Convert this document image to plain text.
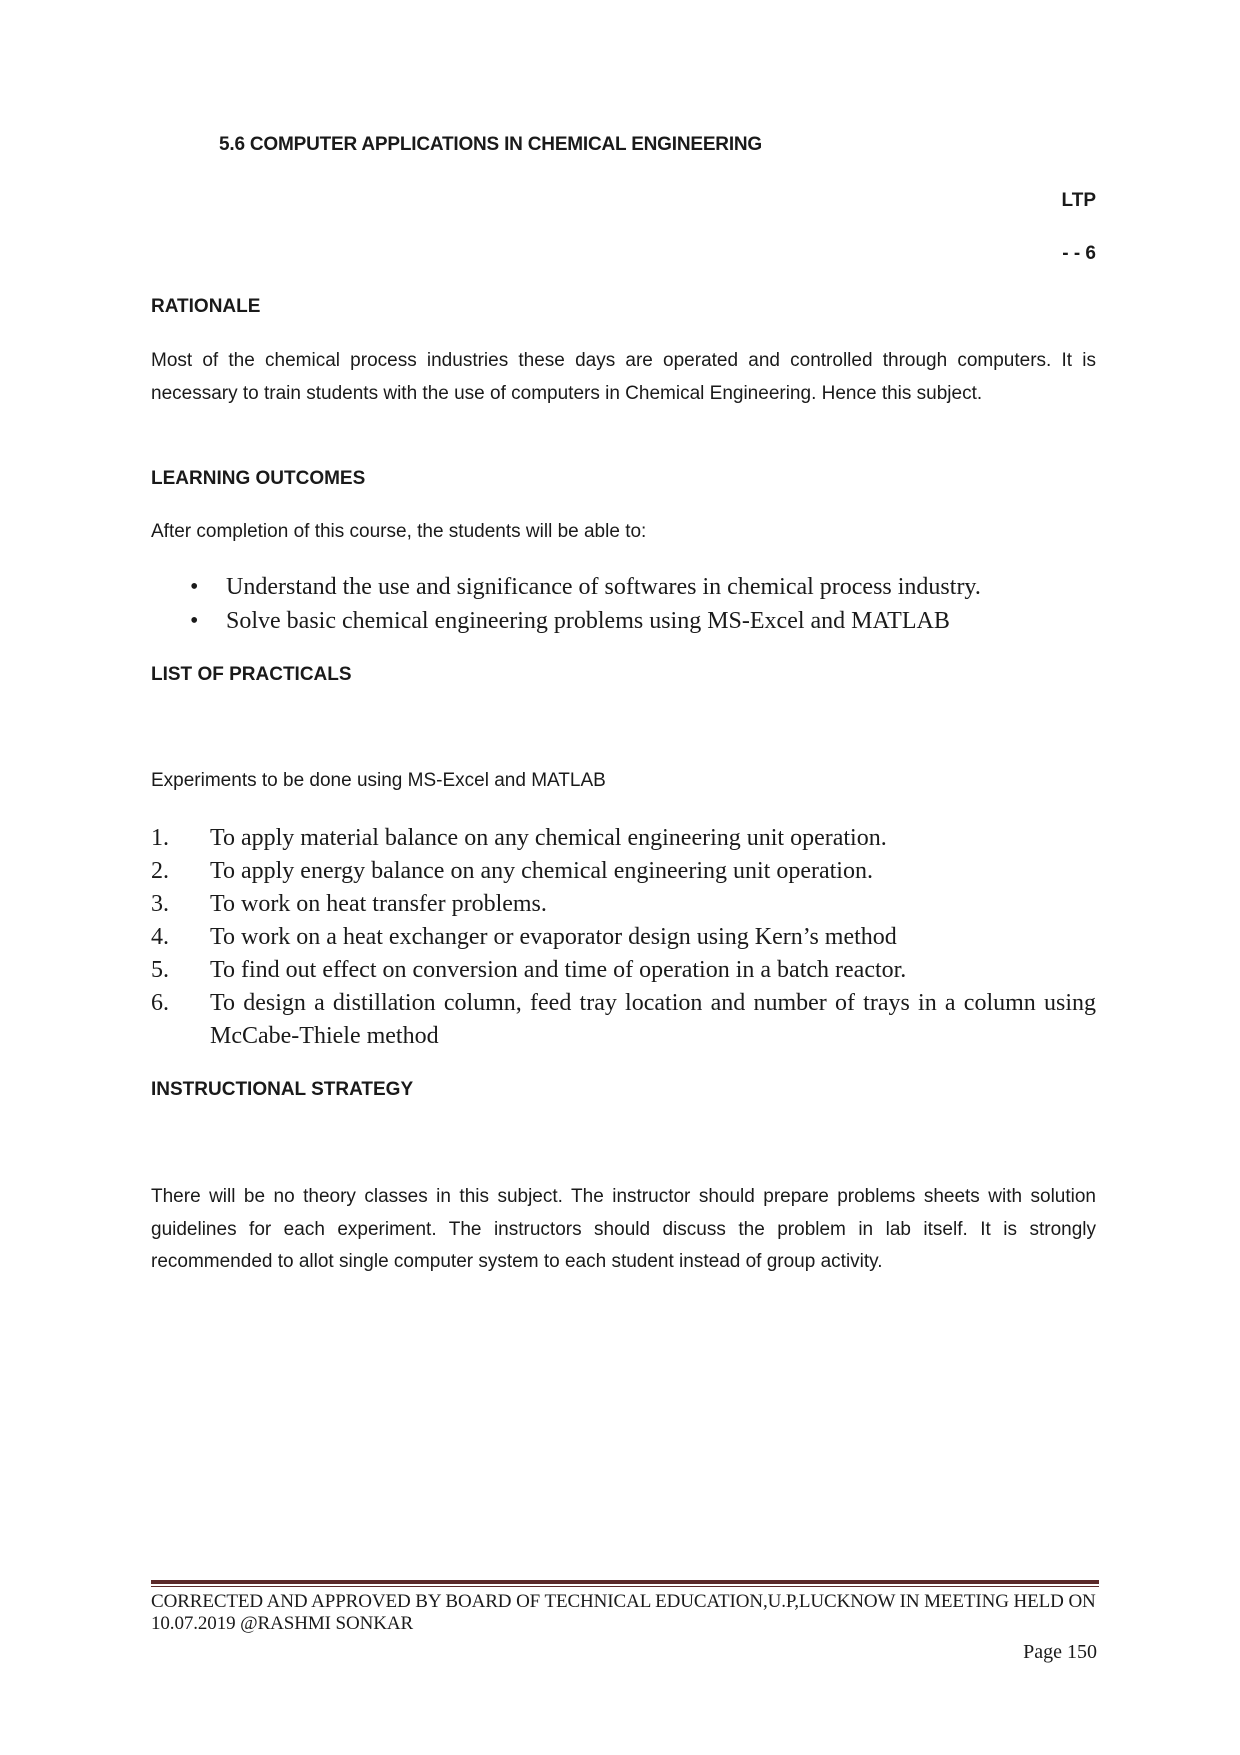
5.6 COMPUTER APPLICATIONS IN CHEMICAL ENGINEERING
LTP
- - 6
RATIONALE
Most of the chemical process industries these days are operated and controlled through computers. It is necessary to train students with the use of computers in Chemical Engineering. Hence this subject.
LEARNING OUTCOMES
After completion of this course, the students will be able to:
• Understand the use and significance of softwares in chemical process industry.
• Solve basic chemical engineering problems using MS-Excel and MATLAB
LIST OF PRACTICALS
Experiments to be done using MS-Excel and MATLAB
1. To apply material balance on any chemical engineering unit operation.
2. To apply energy balance on any chemical engineering unit operation.
3. To work on heat transfer problems.
4. To work on a heat exchanger or evaporator design using Kern’s method
5. To find out effect on conversion and time of operation in a batch reactor.
6. To design a distillation column, feed tray location and number of trays in a column using McCabe-Thiele method
INSTRUCTIONAL STRATEGY
There will be no theory classes in this subject. The instructor should prepare problems sheets with solution guidelines for each experiment. The instructors should discuss the problem in lab itself. It is strongly recommended to allot single computer system to each student instead of group activity.
CORRECTED AND APPROVED BY BOARD OF TECHNICAL EDUCATION,U.P,LUCKNOW IN MEETING HELD ON 10.07.2019 @RASHMI SONKAR
Page 150
